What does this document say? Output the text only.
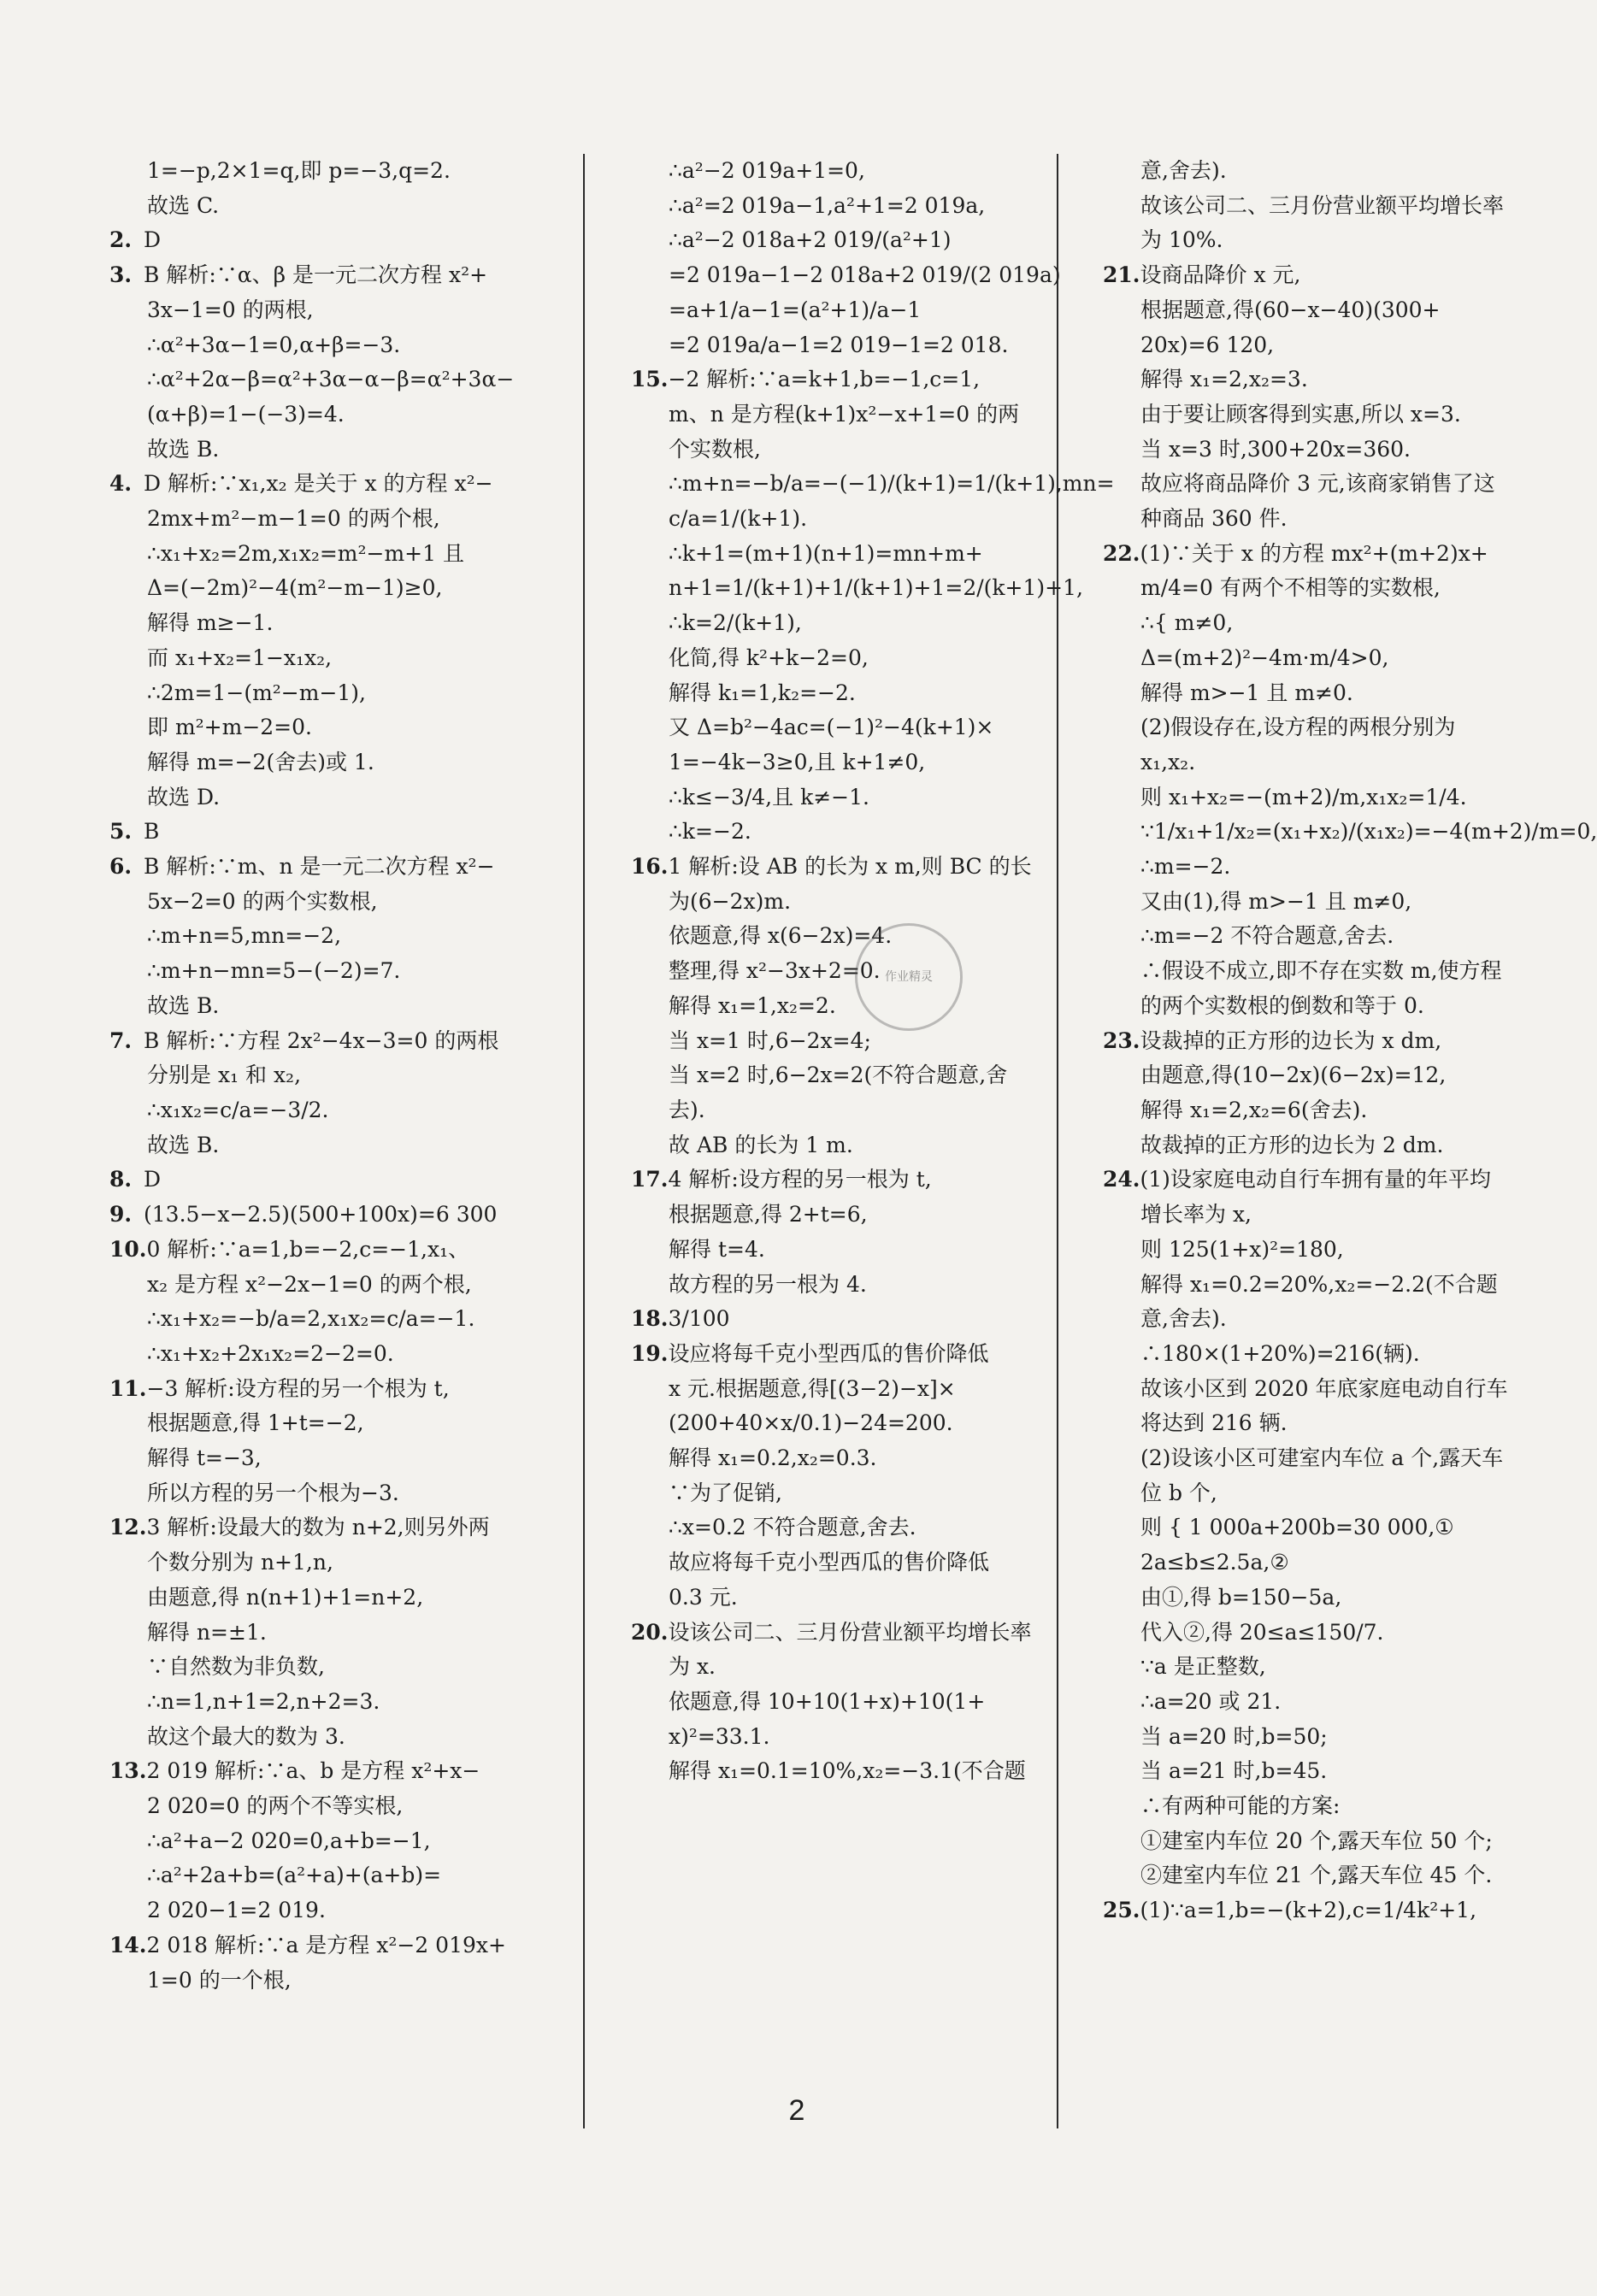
1=−p,2×1=q,即 p=−3,q=2.
故选 C.
2. D
3. B 解析:∵α、β 是一元二次方程 x²+
3x−1=0 的两根,
∴α²+3α−1=0,α+β=−3.
∴α²+2α−β=α²+3α−α−β=α²+3α−
(α+β)=1−(−3)=4.
故选 B.
4. D 解析:∵x₁,x₂ 是关于 x 的方程 x²−
2mx+m²−m−1=0 的两个根,
∴x₁+x₂=2m,x₁x₂=m²−m+1 且
Δ=(−2m)²−4(m²−m−1)≥0,
解得 m≥−1.
而 x₁+x₂=1−x₁x₂,
∴2m=1−(m²−m−1),
即 m²+m−2=0.
解得 m=−2(舍去)或 1.
故选 D.
5. B
6. B 解析:∵m、n 是一元二次方程 x²−
5x−2=0 的两个实数根,
∴m+n=5,mn=−2,
∴m+n−mn=5−(−2)=7.
故选 B.
7. B 解析:∵方程 2x²−4x−3=0 的两根
分别是 x₁ 和 x₂,
∴x₁x₂=c/a=−3/2.
故选 B.
8. D
9. (13.5−x−2.5)(500+100x)=6 300
10.0 解析:∵a=1,b=−2,c=−1,x₁、
x₂ 是方程 x²−2x−1=0 的两个根,
∴x₁+x₂=−b/a=2,x₁x₂=c/a=−1.
∴x₁+x₂+2x₁x₂=2−2=0.
11.−3 解析:设方程的另一个根为 t,
根据题意,得 1+t=−2,
解得 t=−3,
所以方程的另一个根为−3.
12.3 解析:设最大的数为 n+2,则另外两
个数分别为 n+1,n,
由题意,得 n(n+1)+1=n+2,
解得 n=±1.
∵自然数为非负数,
∴n=1,n+1=2,n+2=3.
故这个最大的数为 3.
13.2 019 解析:∵a、b 是方程 x²+x−
2 020=0 的两个不等实根,
∴a²+a−2 020=0,a+b=−1,
∴a²+2a+b=(a²+a)+(a+b)=
2 020−1=2 019.
14.2 018 解析:∵a 是方程 x²−2 019x+
1=0 的一个根,
∴a²−2 019a+1=0,
∴a²=2 019a−1,a²+1=2 019a,
∴a²−2 018a+2 019/(a²+1)
=2 019a−1−2 018a+2 019/(2 019a)
=a+1/a−1=(a²+1)/a−1
=2 019a/a−1=2 019−1=2 018.
15.−2 解析:∵a=k+1,b=−1,c=1,
m、n 是方程(k+1)x²−x+1=0 的两
个实数根,
∴m+n=−b/a=−(−1)/(k+1)=1/(k+1),mn=
c/a=1/(k+1).
∴k+1=(m+1)(n+1)=mn+m+
n+1=1/(k+1)+1/(k+1)+1=2/(k+1)+1,
∴k=2/(k+1),
化简,得 k²+k−2=0,
解得 k₁=1,k₂=−2.
又 Δ=b²−4ac=(−1)²−4(k+1)×
1=−4k−3≥0,且 k+1≠0,
∴k≤−3/4,且 k≠−1.
∴k=−2.
16.1 解析:设 AB 的长为 x m,则 BC 的长
为(6−2x)m.
依题意,得 x(6−2x)=4.
整理,得 x²−3x+2=0.
解得 x₁=1,x₂=2.
当 x=1 时,6−2x=4;
当 x=2 时,6−2x=2(不符合题意,舍
去).
故 AB 的长为 1 m.
17.4 解析:设方程的另一根为 t,
根据题意,得 2+t=6,
解得 t=4.
故方程的另一根为 4.
18.3/100
19.设应将每千克小型西瓜的售价降低
x 元.根据题意,得[(3−2)−x]×
(200+40×x/0.1)−24=200.
解得 x₁=0.2,x₂=0.3.
∵为了促销,
∴x=0.2 不符合题意,舍去.
故应将每千克小型西瓜的售价降低
0.3 元.
20.设该公司二、三月份营业额平均增长率
为 x.
依题意,得 10+10(1+x)+10(1+
x)²=33.1.
解得 x₁=0.1=10%,x₂=−3.1(不合题
意,舍去).
故该公司二、三月份营业额平均增长率
为 10%.
21.设商品降价 x 元,
根据题意,得(60−x−40)(300+
20x)=6 120,
解得 x₁=2,x₂=3.
由于要让顾客得到实惠,所以 x=3.
当 x=3 时,300+20x=360.
故应将商品降价 3 元,该商家销售了这
种商品 360 件.
22.(1)∵关于 x 的方程 mx²+(m+2)x+
m/4=0 有两个不相等的实数根,
∴{ m≠0,
Δ=(m+2)²−4m·m/4>0,
解得 m>−1 且 m≠0.
(2)假设存在,设方程的两根分别为
x₁,x₂.
则 x₁+x₂=−(m+2)/m,x₁x₂=1/4.
∵1/x₁+1/x₂=(x₁+x₂)/(x₁x₂)=−4(m+2)/m=0,
∴m=−2.
又由(1),得 m>−1 且 m≠0,
∴m=−2 不符合题意,舍去.
∴假设不成立,即不存在实数 m,使方程
的两个实数根的倒数和等于 0.
23.设裁掉的正方形的边长为 x dm,
由题意,得(10−2x)(6−2x)=12,
解得 x₁=2,x₂=6(舍去).
故裁掉的正方形的边长为 2 dm.
24.(1)设家庭电动自行车拥有量的年平均
增长率为 x,
则 125(1+x)²=180,
解得 x₁=0.2=20%,x₂=−2.2(不合题
意,舍去).
∴180×(1+20%)=216(辆).
故该小区到 2020 年底家庭电动自行车
将达到 216 辆.
(2)设该小区可建室内车位 a 个,露天车
位 b 个,
则 { 1 000a+200b=30 000,①
2a≤b≤2.5a,②
由①,得 b=150−5a,
代入②,得 20≤a≤150/7.
∵a 是正整数,
∴a=20 或 21.
当 a=20 时,b=50;
当 a=21 时,b=45.
∴有两种可能的方案:
①建室内车位 20 个,露天车位 50 个;
②建室内车位 21 个,露天车位 45 个.
25.(1)∵a=1,b=−(k+2),c=1/4k²+1,
作业精灵
2
